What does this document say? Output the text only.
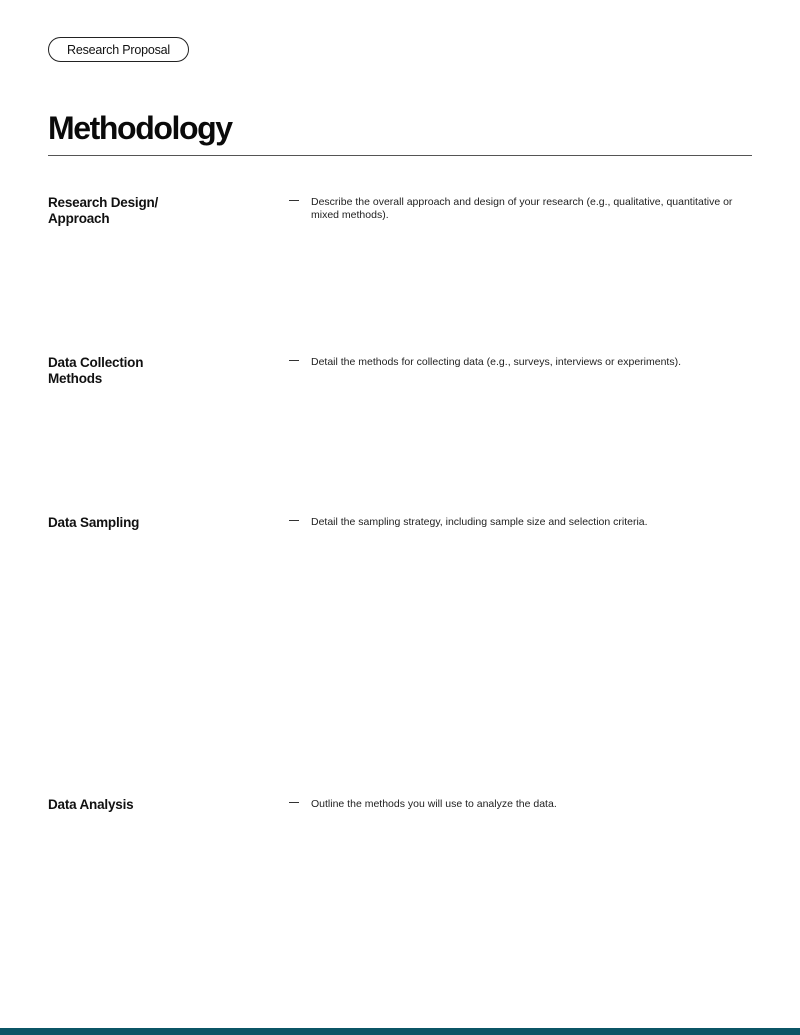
Research Proposal
Methodology
Research Design/ Approach

Describe the overall approach and design of your research (e.g., qualitative, quantitative or mixed methods).

Data Collection Methods

Detail the methods for collecting data (e.g., surveys, interviews or experiments).

Data Sampling	Detail the sampling strategy, including sample size and selection criteria.

Data Analysis	Outline the methods you will use to analyze the data.
